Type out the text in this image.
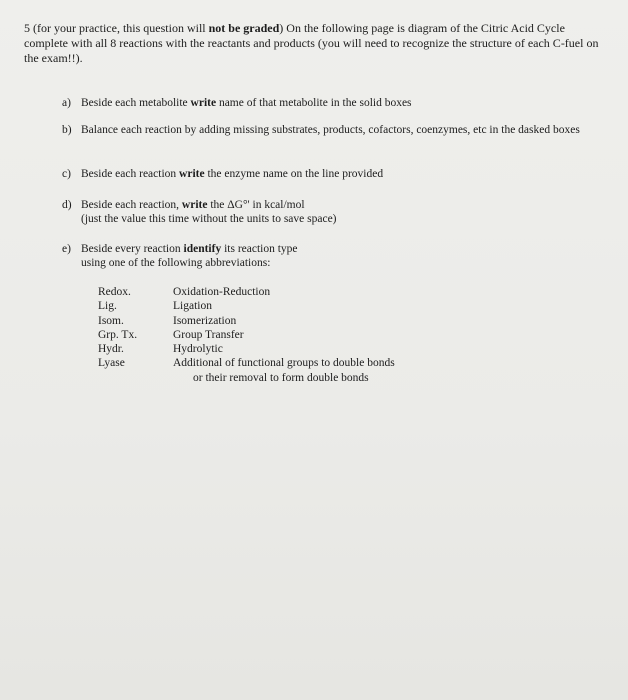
5 (for your practice, this question will not be graded) On the following page is diagram of the Citric Acid Cycle complete with all 8 reactions with the reactants and products (you will need to recognize the structure of each C-fuel on the exam!!).
a) Beside each metabolite write name of that metabolite in the solid boxes
b) Balance each reaction by adding missing substrates, products, cofactors, coenzymes, etc in the dasked boxes
c) Beside each reaction write the enzyme name on the line provided
d) Beside each reaction, write the ΔG°' in kcal/mol
(just the value this time without the units to save space)
e) Beside every reaction identify its reaction type
using one of the following abbreviations:
Redox.	Oxidation-Reduction
Lig.	Ligation
Isom.	Isomerization
Grp. Tx.	Group Transfer
Hydr.	Hydrolytic
Lyase	Additional of functional groups to double bonds
or their removal to form double bonds
